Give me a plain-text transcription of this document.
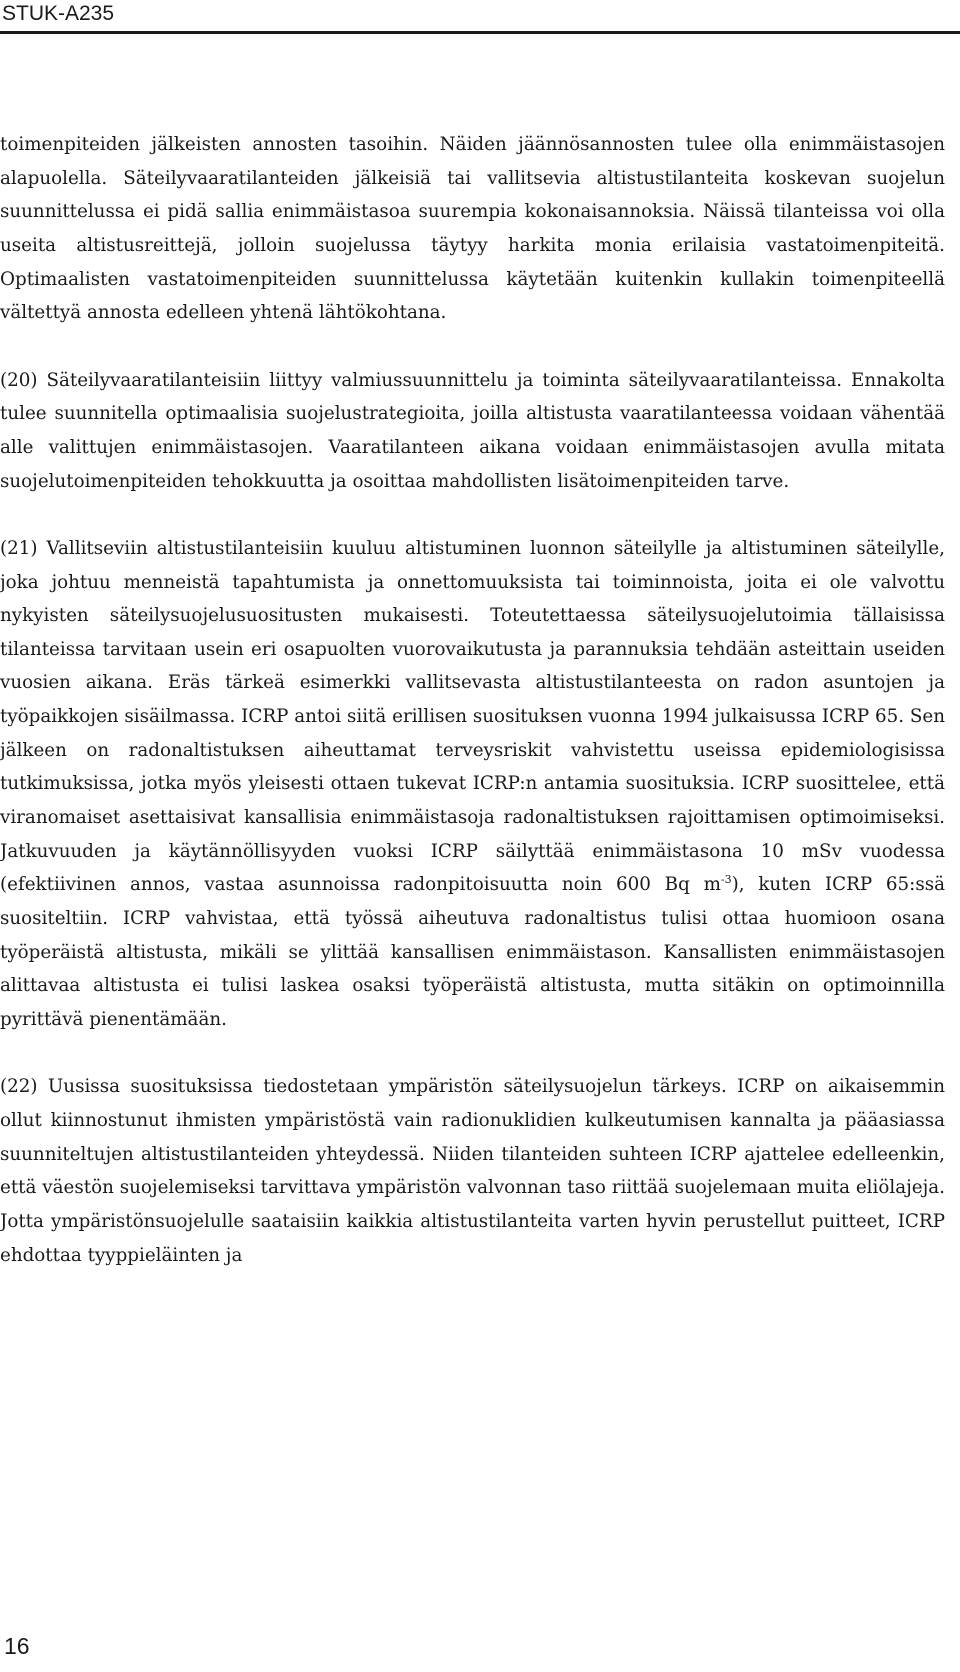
STUK-A235

toimenpiteiden jälkeisten annosten tasoihin. Näiden jäännösannosten tulee olla enimmäistasojen alapuolella. Säteilyvaaratilanteiden jälkeisiä tai vallitsevia altistustilanteita koskevan suojelun suunnittelussa ei pidä sallia enimmäistasoa suurempia kokonaisannoksia. Näissä tilanteissa voi olla useita altistusreittejä, jolloin suojelussa täytyy harkita monia erilaisia vastatoimenpiteitä. Optimaalisten vastatoimenpiteiden suunnittelussa käytetään kuitenkin kullakin toimenpiteellä vältettyä annosta edelleen yhtenä lähtökohtana.

(20) Säteilyvaaratilanteisiin liittyy valmiussuunnittelu ja toiminta säteilyvaaratilanteissa. Ennakolta tulee suunnitella optimaalisia suojelustrategioita, joilla altistusta vaaratilanteessa voidaan vähentää alle valittujen enimmäistasojen. Vaaratilanteen aikana voidaan enimmäistasojen avulla mitata suojelutoimenpiteiden tehokkuutta ja osoittaa mahdollisten lisätoimenpiteiden tarve.

(21) Vallitseviin altistustilanteisiin kuuluu altistuminen luonnon säteilylle ja altistuminen säteilylle, joka johtuu menneistä tapahtumista ja onnettomuuksista tai toiminnoista, joita ei ole valvottu nykyisten säteilysuojelusuositusten mukaisesti. Toteutettaessa säteilysuojelutoimia tällaisissa tilanteissa tarvitaan usein eri osapuolten vuorovaikutusta ja parannuksia tehdään asteittain useiden vuosien aikana. Eräs tärkeä esimerkki vallitsevasta altistustilanteesta on radon asuntojen ja työpaikkojen sisäilmassa. ICRP antoi siitä erillisen suosituksen vuonna 1994 julkaisussa ICRP 65. Sen jälkeen on radonaltistuksen aiheuttamat terveysriskit vahvistettu useissa epidemiologisissa tutkimuksissa, jotka myös yleisesti ottaen tukevat ICRP:n antamia suosituksia. ICRP suosittelee, että viranomaiset asettaisivat kansallisia enimmäistasoja radonaltistuksen rajoittamisen optimoimiseksi. Jatkuvuuden ja käytännöllisyyden vuoksi ICRP säilyttää enimmäistasona 10 mSv vuodessa (efektiivinen annos, vastaa asunnoissa radonpitoisuutta noin 600 Bq $m^{-3}$), kuten ICRP 65:ssä suositeltiin. ICRP vahvistaa, että työssä aiheutuva radonaltistus tulisi ottaa huomioon osana työperäistä altistusta, mikäli se ylittää kansallisen enimmäistason. Kansallisten enimmäistasojen alittavaa altistusta ei tulisi laskea osaksi työperäistä altistusta, mutta sitäkin on optimoinnilla pyrittävä pienentämään.

(22) Uusissa suosituksissa tiedostetaan ympäristön säteilysuojelun tärkeys. ICRP on aikaisemmin ollut kiinnostunut ihmisten ympäristöstä vain radionuklidien kulkeutumisen kannalta ja pääasiassa suunniteltujen altistustilanteiden yhteydessä. Niiden tilanteiden suhteen ICRP ajattelee edelleenkin, että väestön suojelemiseksi tarvittava ympäristön valvonnan taso riittää suojelemaan muita eliölajeja. Jotta ympäristönsuojelulle saataisiin kaikkia altistustilanteita varten hyvin perustellut puitteet, ICRP ehdottaa tyyppieläinten ja

16
